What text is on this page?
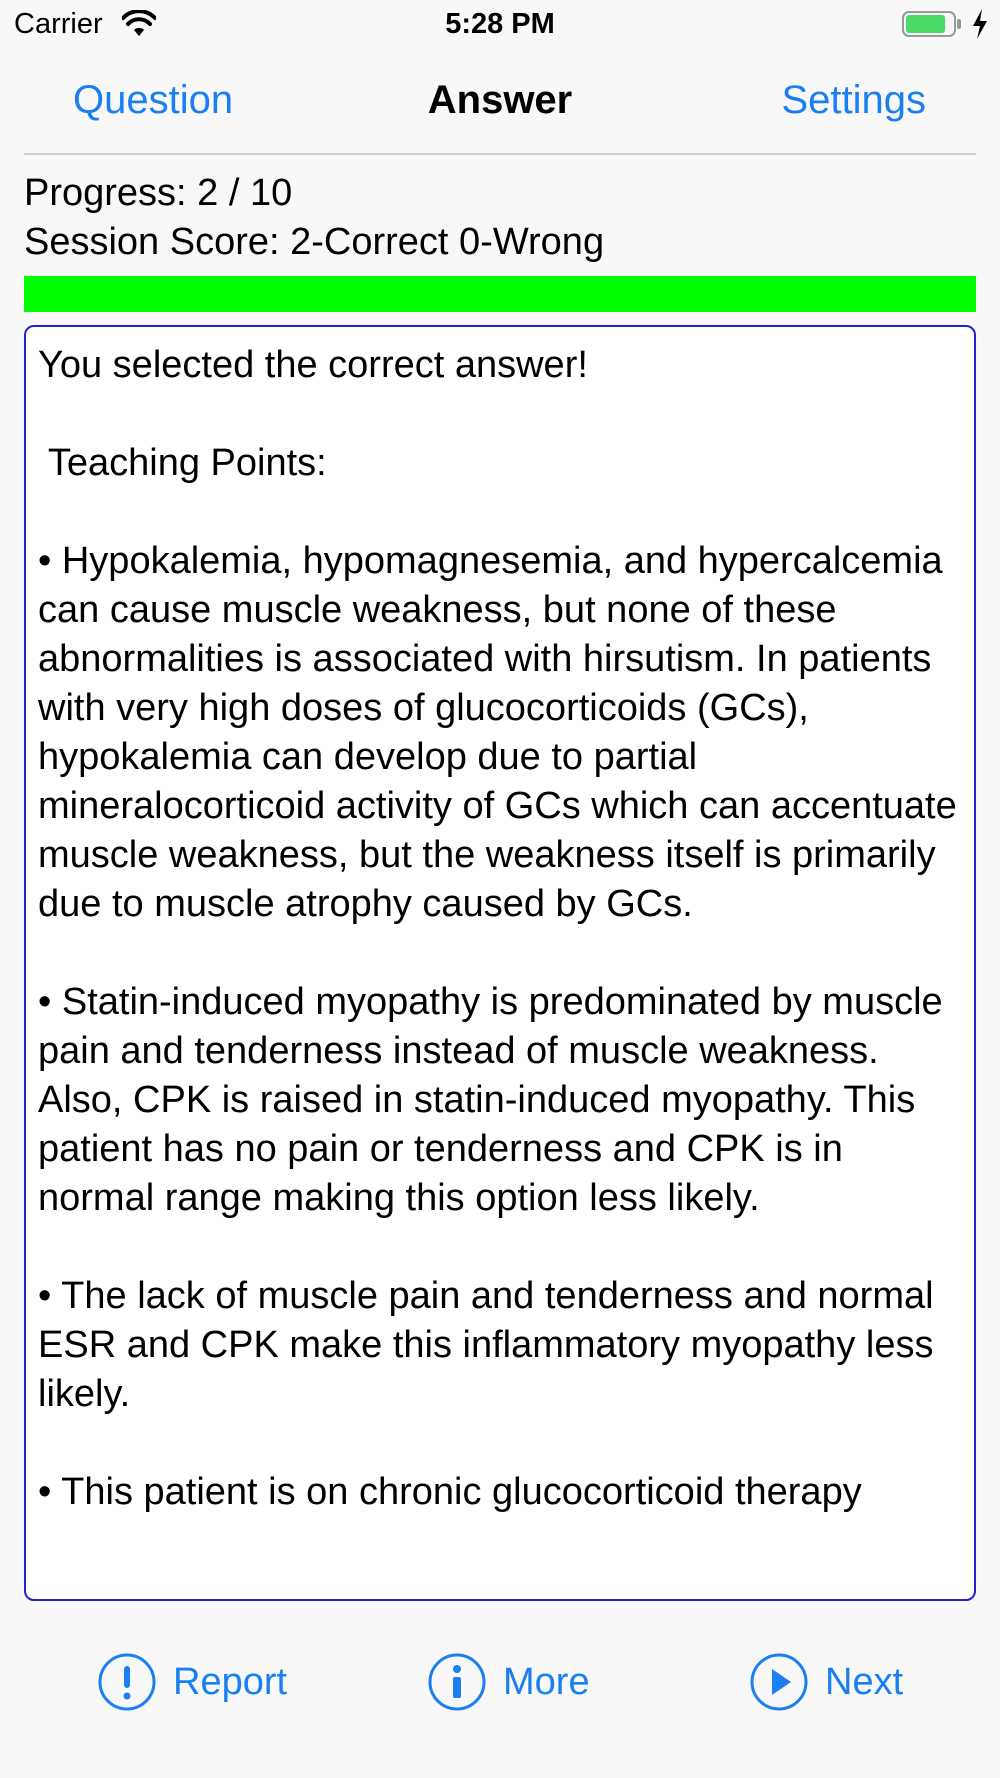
Carrier	5:28 PM
Question	Answer	Settings
Progress: 2 / 10
Session Score: 2-Correct 0-Wrong

You selected the correct answer!

Teaching Points:

• Hypokalemia, hypomagnesemia, and hypercalcemia can cause muscle weakness, but none of these abnormalities is associated with hirsutism. In patients with very high doses of glucocorticoids (GCs), hypokalemia can develop due to partial mineralocorticoid activity of GCs which can accentuate muscle weakness, but the weakness itself is primarily due to muscle atrophy caused by GCs.

• Statin-induced myopathy is predominated by muscle pain and tenderness instead of muscle weakness. Also, CPK is raised in statin-induced myopathy. This patient has no pain or tenderness and CPK is in normal range making this option less likely.

• The lack of muscle pain and tenderness and normal ESR and CPK make this inflammatory myopathy less likely.

• This patient is on chronic glucocorticoid therapy

Report	More	Next
